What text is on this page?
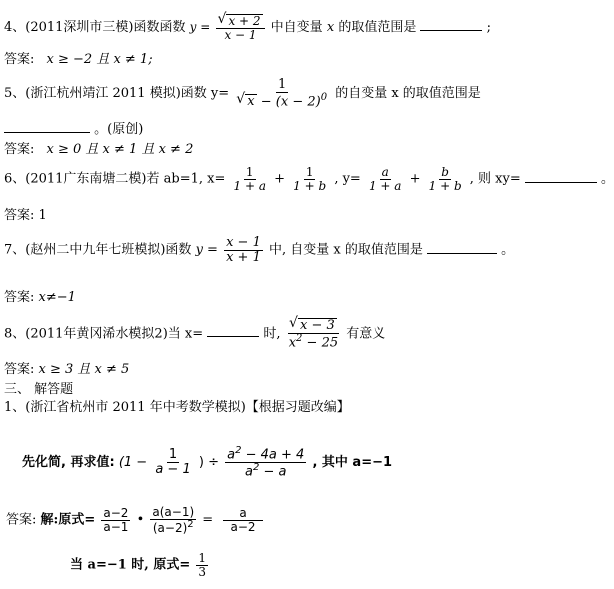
4、(2011深圳市三模)函数函数 y = √ $\frac{x + 2}{x - 1}$ 中自变量 x 的取值范围是	;
答案: x ≥ −2 且 x ≠ 1;
5、(浙江杭州靖江 2011 模拟)函数 y= 1
√ $x - (x - 2)^0$ 的自变量 x 的取值范围是
。(原创)
答案: x ≥ 0 且 x ≠ 1 且 x ≠ 2
6、(2011广东南塘二模)若 ab=1, $x= \frac{1}{1 + a} + \frac{1}{1 + b}$ , $y= \frac{a}{1 + a} + \frac{b}{1 + b}$ , 则 xy=	。
答案: 1
7、(赵州二中九年七班模拟)函数 $y = \frac{x - 1}{x + 1}$ 中, 自变量 x 的取值范围是	。
答案: x≠−1
8、(2011年黄冈浠水模拟2)当 x=	时, √ $\frac{x - 3}{x^2 - 25}$ 有意义
答案: x ≥ 3 且 x ≠ 5
三、 解答题
1、(浙江省杭州市 2011 年中考数学模拟)【根据习题改编】
先化简, 再求值: ($1 - \frac{1}{a - 1}$ ) ÷ $\frac{a^2 - 4a + 4}{a^2 - a}$ , 其中 a=−1
答案: 解:原式= $\frac{a-2}{a-1}$ • $\frac{a(a-1)}{(a-2)^2} = \frac{a}{a-2}$
当 a=−1 时, 原式= $\frac{1}{3}$
